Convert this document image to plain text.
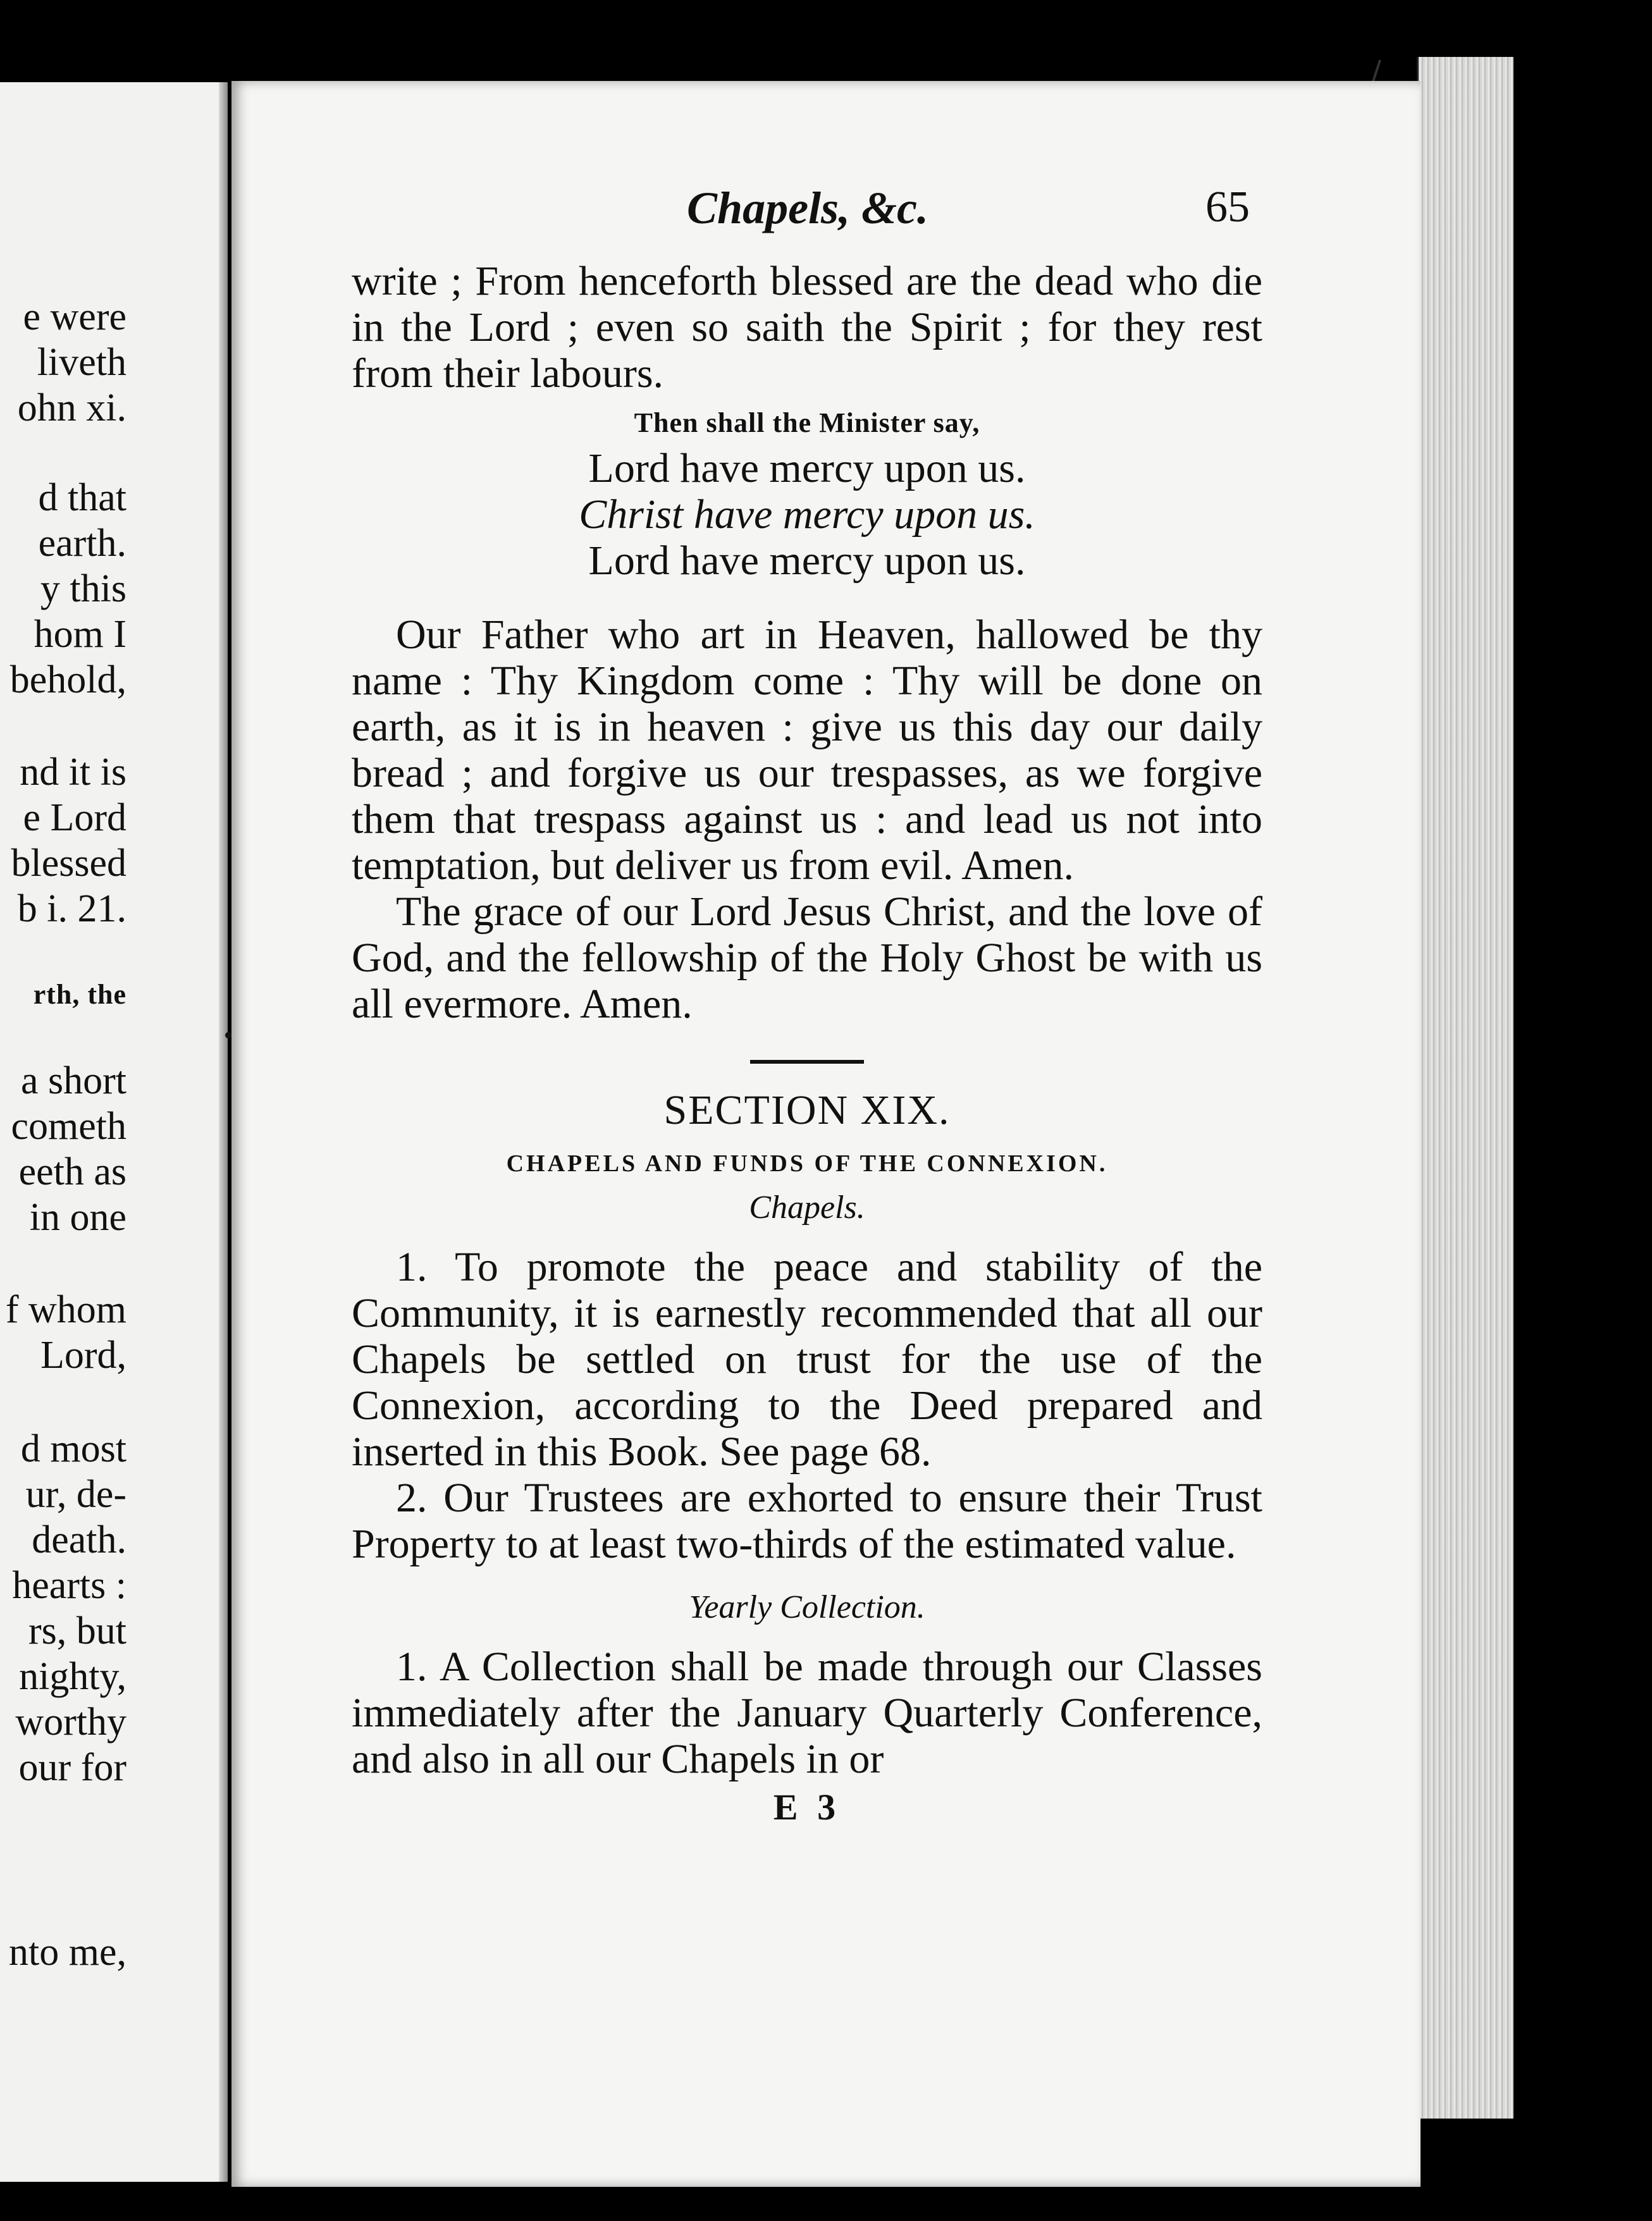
e were
liveth
ohn xi.
d that
earth.
y this
hom I
behold,
nd it is
e Lord
blessed
b i. 21.
rth, the
a short
cometh
eeth as
in one
f whom
Lord,
d most
ur, de-
death.
hearts :
rs, but
nighty,
worthy
our for
nto me,
Chapels, &c.	65

write ; From henceforth blessed are the dead who die in the Lord ; even so saith the Spirit ; for they rest from their labours.

Then shall the Minister say,
Lord have mercy upon us.
Christ have mercy upon us.
Lord have mercy upon us.

Our Father who art in Heaven, hallowed be thy name : Thy Kingdom come : Thy will be done on earth, as it is in heaven : give us this day our daily bread ; and forgive us our trespasses, as we forgive them that trespass against us : and lead us not into temptation, but deliver us from evil. Amen.

The grace of our Lord Jesus Christ, and the love of God, and the fellowship of the Holy Ghost be with us all evermore. Amen.

SECTION XIX.
CHAPELS AND FUNDS OF THE CONNEXION.
Chapels.

1. To promote the peace and stability of the Community, it is earnestly recommended that all our Chapels be settled on trust for the use of the Connexion, according to the Deed prepared and inserted in this Book. See page 68.

2. Our Trustees are exhorted to ensure their Trust Property to at least two-thirds of the estimated value.

Yearly Collection.

1. A Collection shall be made through our Classes immediately after the January Quarterly Conference, and also in all our Chapels in or

E 3
